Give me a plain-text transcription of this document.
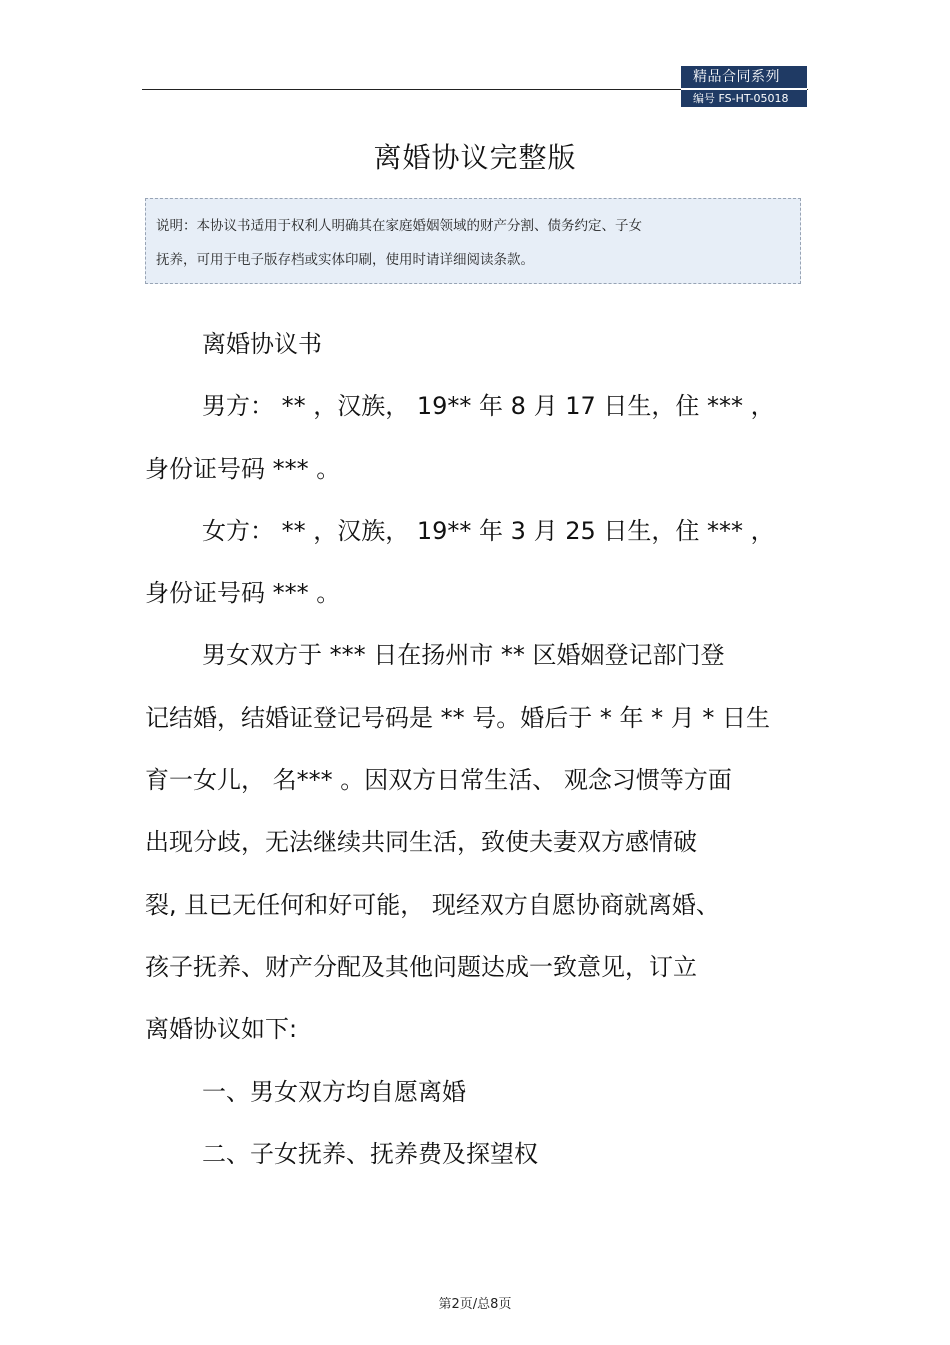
精品合同系列
编号 FS-HT-05018
离婚协议完整版
说明：本协议书适用于权利人明确其在家庭婚姻领域的财产分割、债务约定、子女
抚养，可用于电子版存档或实体印刷，使用时请详细阅读条款。

离婚协议书

男方： ** ，汉族， 19** 年 8 月 17 日生，住 *** ，

身份证号码 *** 。

女方： ** ，汉族， 19** 年 3 月 25 日生，住 *** ，

身份证号码 *** 。

男女双方于 *** 日在扬州市 ** 区婚姻登记部门登

记结婚，结婚证登记号码是 ** 号。婚后于 * 年 * 月 * 日生

育一女儿， 名*** 。因双方日常生活、 观念习惯等方面

出现分歧，无法继续共同生活，致使夫妻双方感情破

裂, 且已无任何和好可能， 现经双方自愿协商就离婚、

孩子抚养、财产分配及其他问题达成一致意见，订立

离婚协议如下:

一、男女双方均自愿离婚

二、子女抚养、抚养费及探望权

第2页/总8页
